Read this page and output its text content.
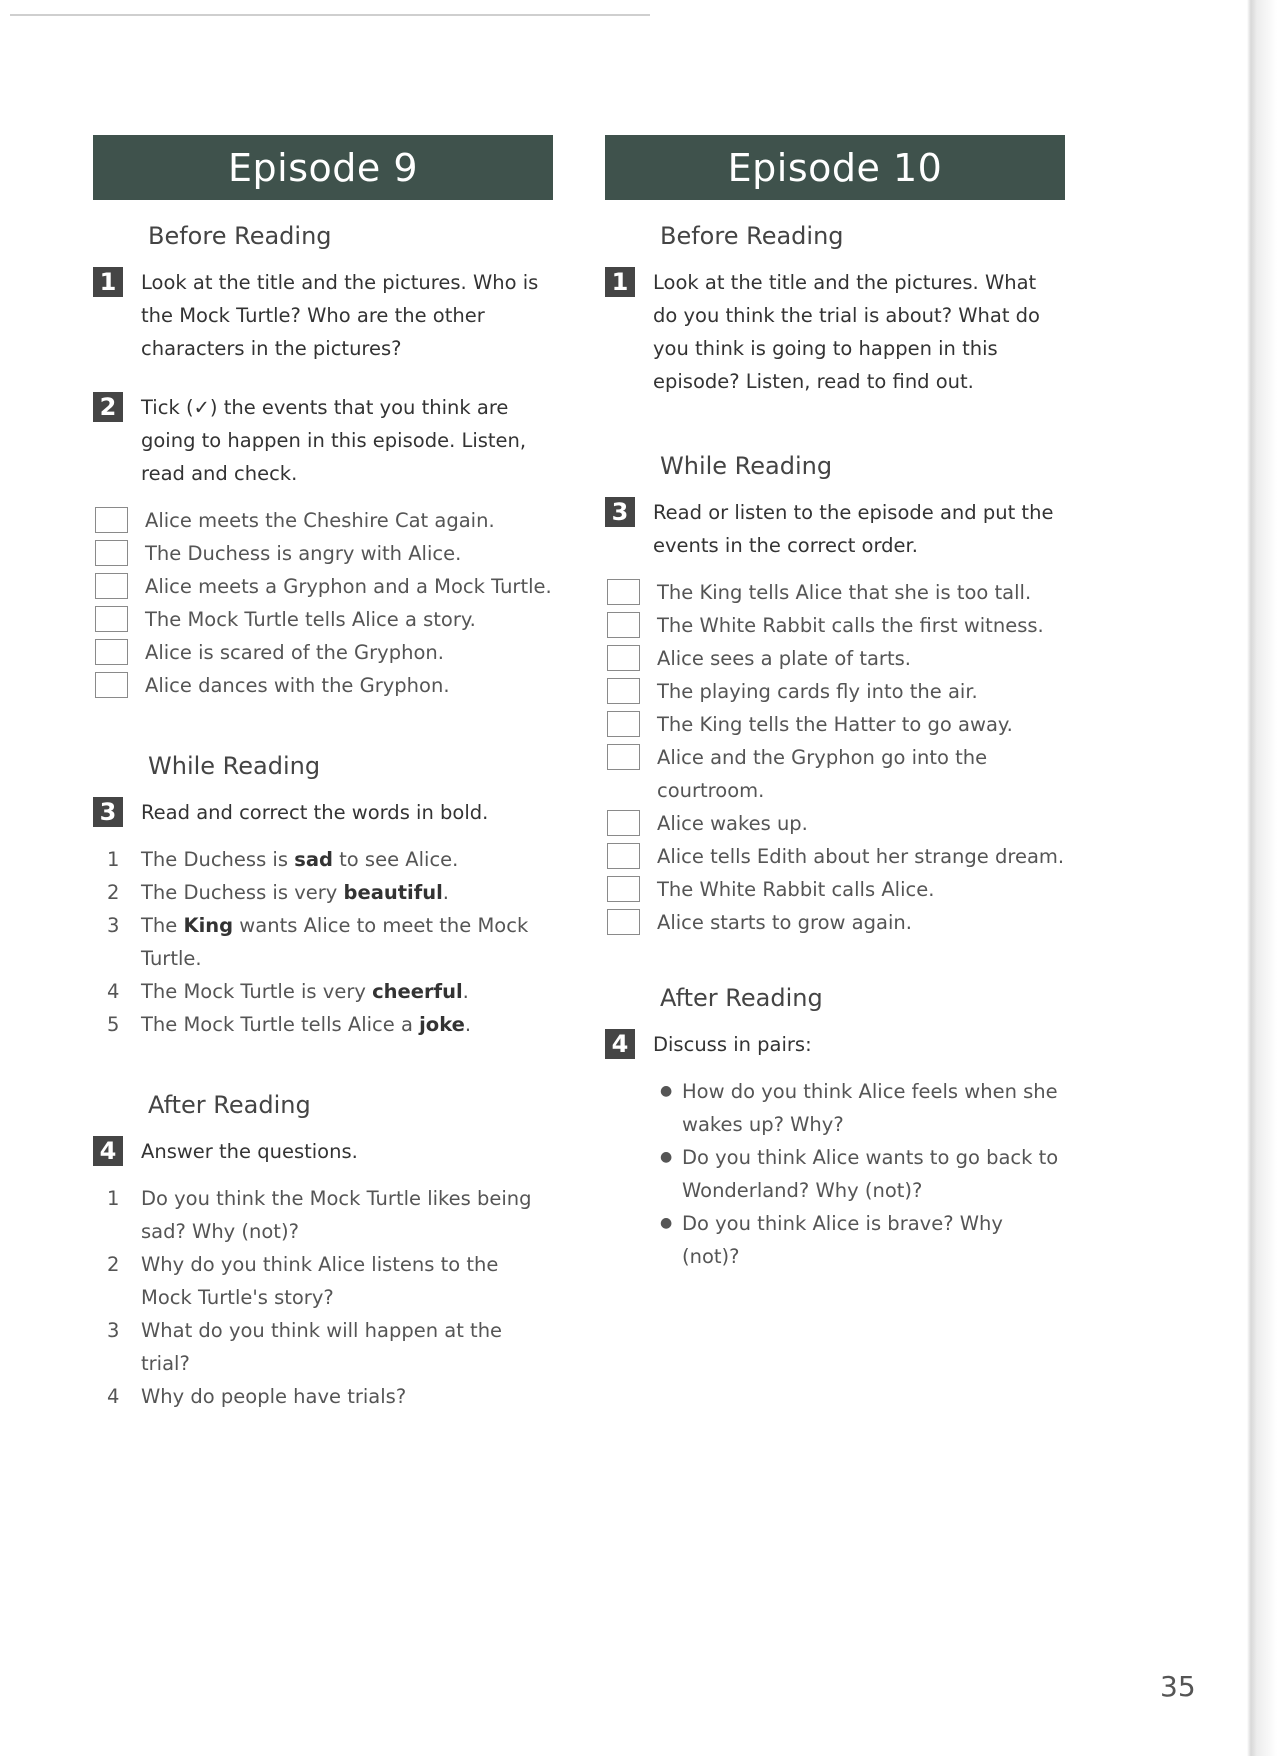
Episode 9
Before Reading
1	Look at the title and the pictures. Who is the Mock Turtle? Who are the other characters in the pictures?
2	Tick (✓) the events that you think are going to happen in this episode. Listen, read and check.
Alice meets the Cheshire Cat again.
The Duchess is angry with Alice.
Alice meets a Gryphon and a Mock Turtle.
The Mock Turtle tells Alice a story.
Alice is scared of the Gryphon.
Alice dances with the Gryphon.
While Reading
3	Read and correct the words in bold.
1	The Duchess is sad to see Alice.
2	The Duchess is very beautiful.
3	The King wants Alice to meet the Mock Turtle.
4	The Mock Turtle is very cheerful.
5	The Mock Turtle tells Alice a joke.
After Reading
4	Answer the questions.
1	Do you think the Mock Turtle likes being sad? Why (not)?
2	Why do you think Alice listens to the Mock Turtle's story?
3	What do you think will happen at the trial?
4	Why do people have trials?
Episode 10
Before Reading
1	Look at the title and the pictures. What do you think the trial is about? What do you think is going to happen in this episode? Listen, read to find out.
While Reading
3	Read or listen to the episode and put the events in the correct order.
The King tells Alice that she is too tall.
The White Rabbit calls the first witness.
Alice sees a plate of tarts.
The playing cards fly into the air.
The King tells the Hatter to go away.
Alice and the Gryphon go into the courtroom.
Alice wakes up.
Alice tells Edith about her strange dream.
The White Rabbit calls Alice.
Alice starts to grow again.
After Reading
4	Discuss in pairs:
● How do you think Alice feels when she wakes up? Why?
● Do you think Alice wants to go back to Wonderland? Why (not)?
● Do you think Alice is brave? Why (not)?
35
